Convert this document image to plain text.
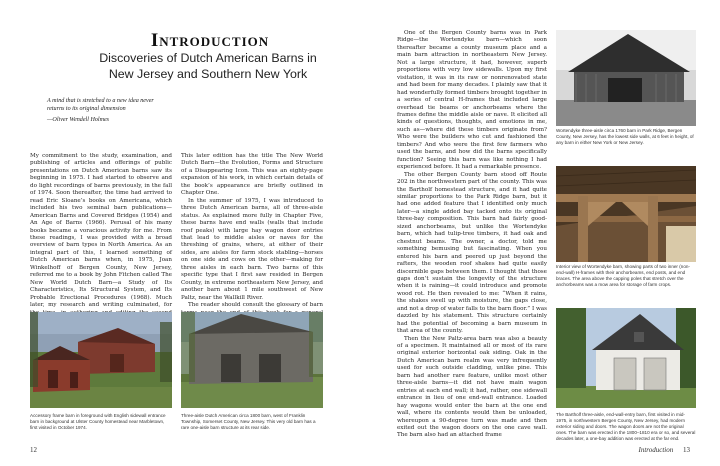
Introduction
Discoveries of Dutch American Barns in
New Jersey and Southern New York
A mind that is stretched to a new idea never
returns to its original dimension
—Oliver Wendell Holmes

My commitment to the study, examination, and publishing of articles and offerings of public presentations on Dutch American barns saw its beginning in 1975. I had started to observe and do light recordings of barns previously, in the fall of 1974. Soon thereafter, the time had arrived to read Eric Sloane’s books on Americana, which included his two seminal barn publications—American Barns and Covered Bridges (1954) and An Age of Barns (1966). Perusal of his many books became a voracious activity for me. From these readings, I was provided with a broad overview of barn types in North America. As an integral part of this, I learned something of Dutch American barns when, in 1975, Joan Winkelhoff of Bergen County, New Jersey, referred me to a book by John Fitchen called The New World Dutch Barn—a Study of Its Characteristics, Its Structural System, and Its Probable Erectional Procedures (1968). Much later, my research and writing culminated, for

This later edition has the title The New World Dutch Barn—the Evolution, Forms and Structure of a Disappearing Icon. This was an eighty-page expansion of his work, in which certain details of the book’s appearance are briefly outlined in Chapter One.

In the summer of 1975, I was introduced to three Dutch American barns, all of three-aisle status. As explained more fully in Chapter Five, these barns have end walls (walls that include roof peaks) with large hay wagon door entries that lead to middle aisles or naves for the threshing of grains, where, at either of their sides, are aisles for farm stock stabling—horses on one side and cows on the other—making for three aisles in each barn. Two barns of this specific type that I first saw resided in Bergen County, in extreme northeastern New Jersey, and another barn about 1 mile southwest of New Paltz, near the Wallkill River.

The reader should consult the glossary of barn

Accessory frame barn in foreground with English sidewall entrance barn in background at Ulster County homestead near Marbletown, first visited in October 1974.
Three-aisle Dutch American circa 1800 barn, west of Franklin Township, Somerset County, New Jersey. This very old barn has a rare one-aisle barn structure at its rear side.
12

One of the Bergen County barns was in Park Ridge—the Wortendyke barn—which soon thereafter became a county museum place and a main barn attraction in northeastern New Jersey. Not a large structure, it had, however, superb proportions with very low sidewalls. Upon my first visitation, it was in its raw or nonrenovated state and had been for many decades. I plainly saw that it had wonderfully formed timbers brought together in a series of central H-frames that included large overhead tie beams or anchorbeams where the frames define the middle aisle or nave. It elicited all kinds of questions, thoughts, and emotions in me, such as—where did these timbers originate from? Who were the builders who cut and fashioned the timbers? And who were the first few farmers who used the barns, and how did the barns specifically function? Seeing this barn was like nothing I had experienced before. It had a remarkable presence.

The other Bergen County barn stood off Route 202 in the northwestern part of the county. This was the Bartholf homestead structure, and it had quite similar proportions to the Park Ridge barn, but it had one added feature that I identified only much later—a single added bay tacked onto its original three-bay composition. This barn had fairly good-sized anchorbeams, but unlike the Wortendyke barn, which had tulip-tree timbers, it had oak and chestnut beams. The owner, a doctor, told me something bemusing but fascinating. When you entered his barn and peered up just beyond the rafters, the wooden roof shakes had quite easily discernible gaps between them. I thought that those gaps don’t sustain the longevity of the structure when it is raining—it could introduce and promote wood rot. He then revealed to me: “When it rains, the shakes swell up with moisture, the gaps close, and not a drop of water falls to the barn floor.” I was dazzled by his statement. This structure certainly had the potential of becoming a barn museum in that area of the county.

Then the New Paltz-area barn was also a beauty of a specimen. It maintained all or most of its rare original exterior horizontal oak siding. Oak in the Dutch American barn realm was very infrequently used for such outside cladding, unlike pine. This barn had another rare feature, unlike most other three-aisle barns—it did not have main wagon entries at each end wall; it had, rather, one sidewall entrance in lieu of one end-wall entrance. Loaded hay wagons would enter the barn at the one end wall, where its contents would then be unloaded, whereupon a 90-degree turn was made and then exited out the wagon doors on the one cave wall. The barn also had an attached frame

Wortendyke three-aisle circa 1760 barn in Park Ridge, Bergen County, New Jersey, has the lowest side walls, at 6 feet in height, of any barn in either New York or New Jersey.
Interior view of Wortendyke barn, showing parts of two inner (non-end-wall) H-frames with their anchorbeams, end posts, and end braces. The area above the capping poles that stretch over the anchorbeams was a mow area for storage of farm crops.
The Bartholf three-aisle, end-wall-entry barn, first visited in mid-1975, in northwestern Bergen County, New Jersey, had modern exterior siding and doors. The wagon doors are not the original ones. The barn was erected in the 1800–1810 era or so, and several decades later, a one-bay addition was erected at the far end.
Introduction 13
